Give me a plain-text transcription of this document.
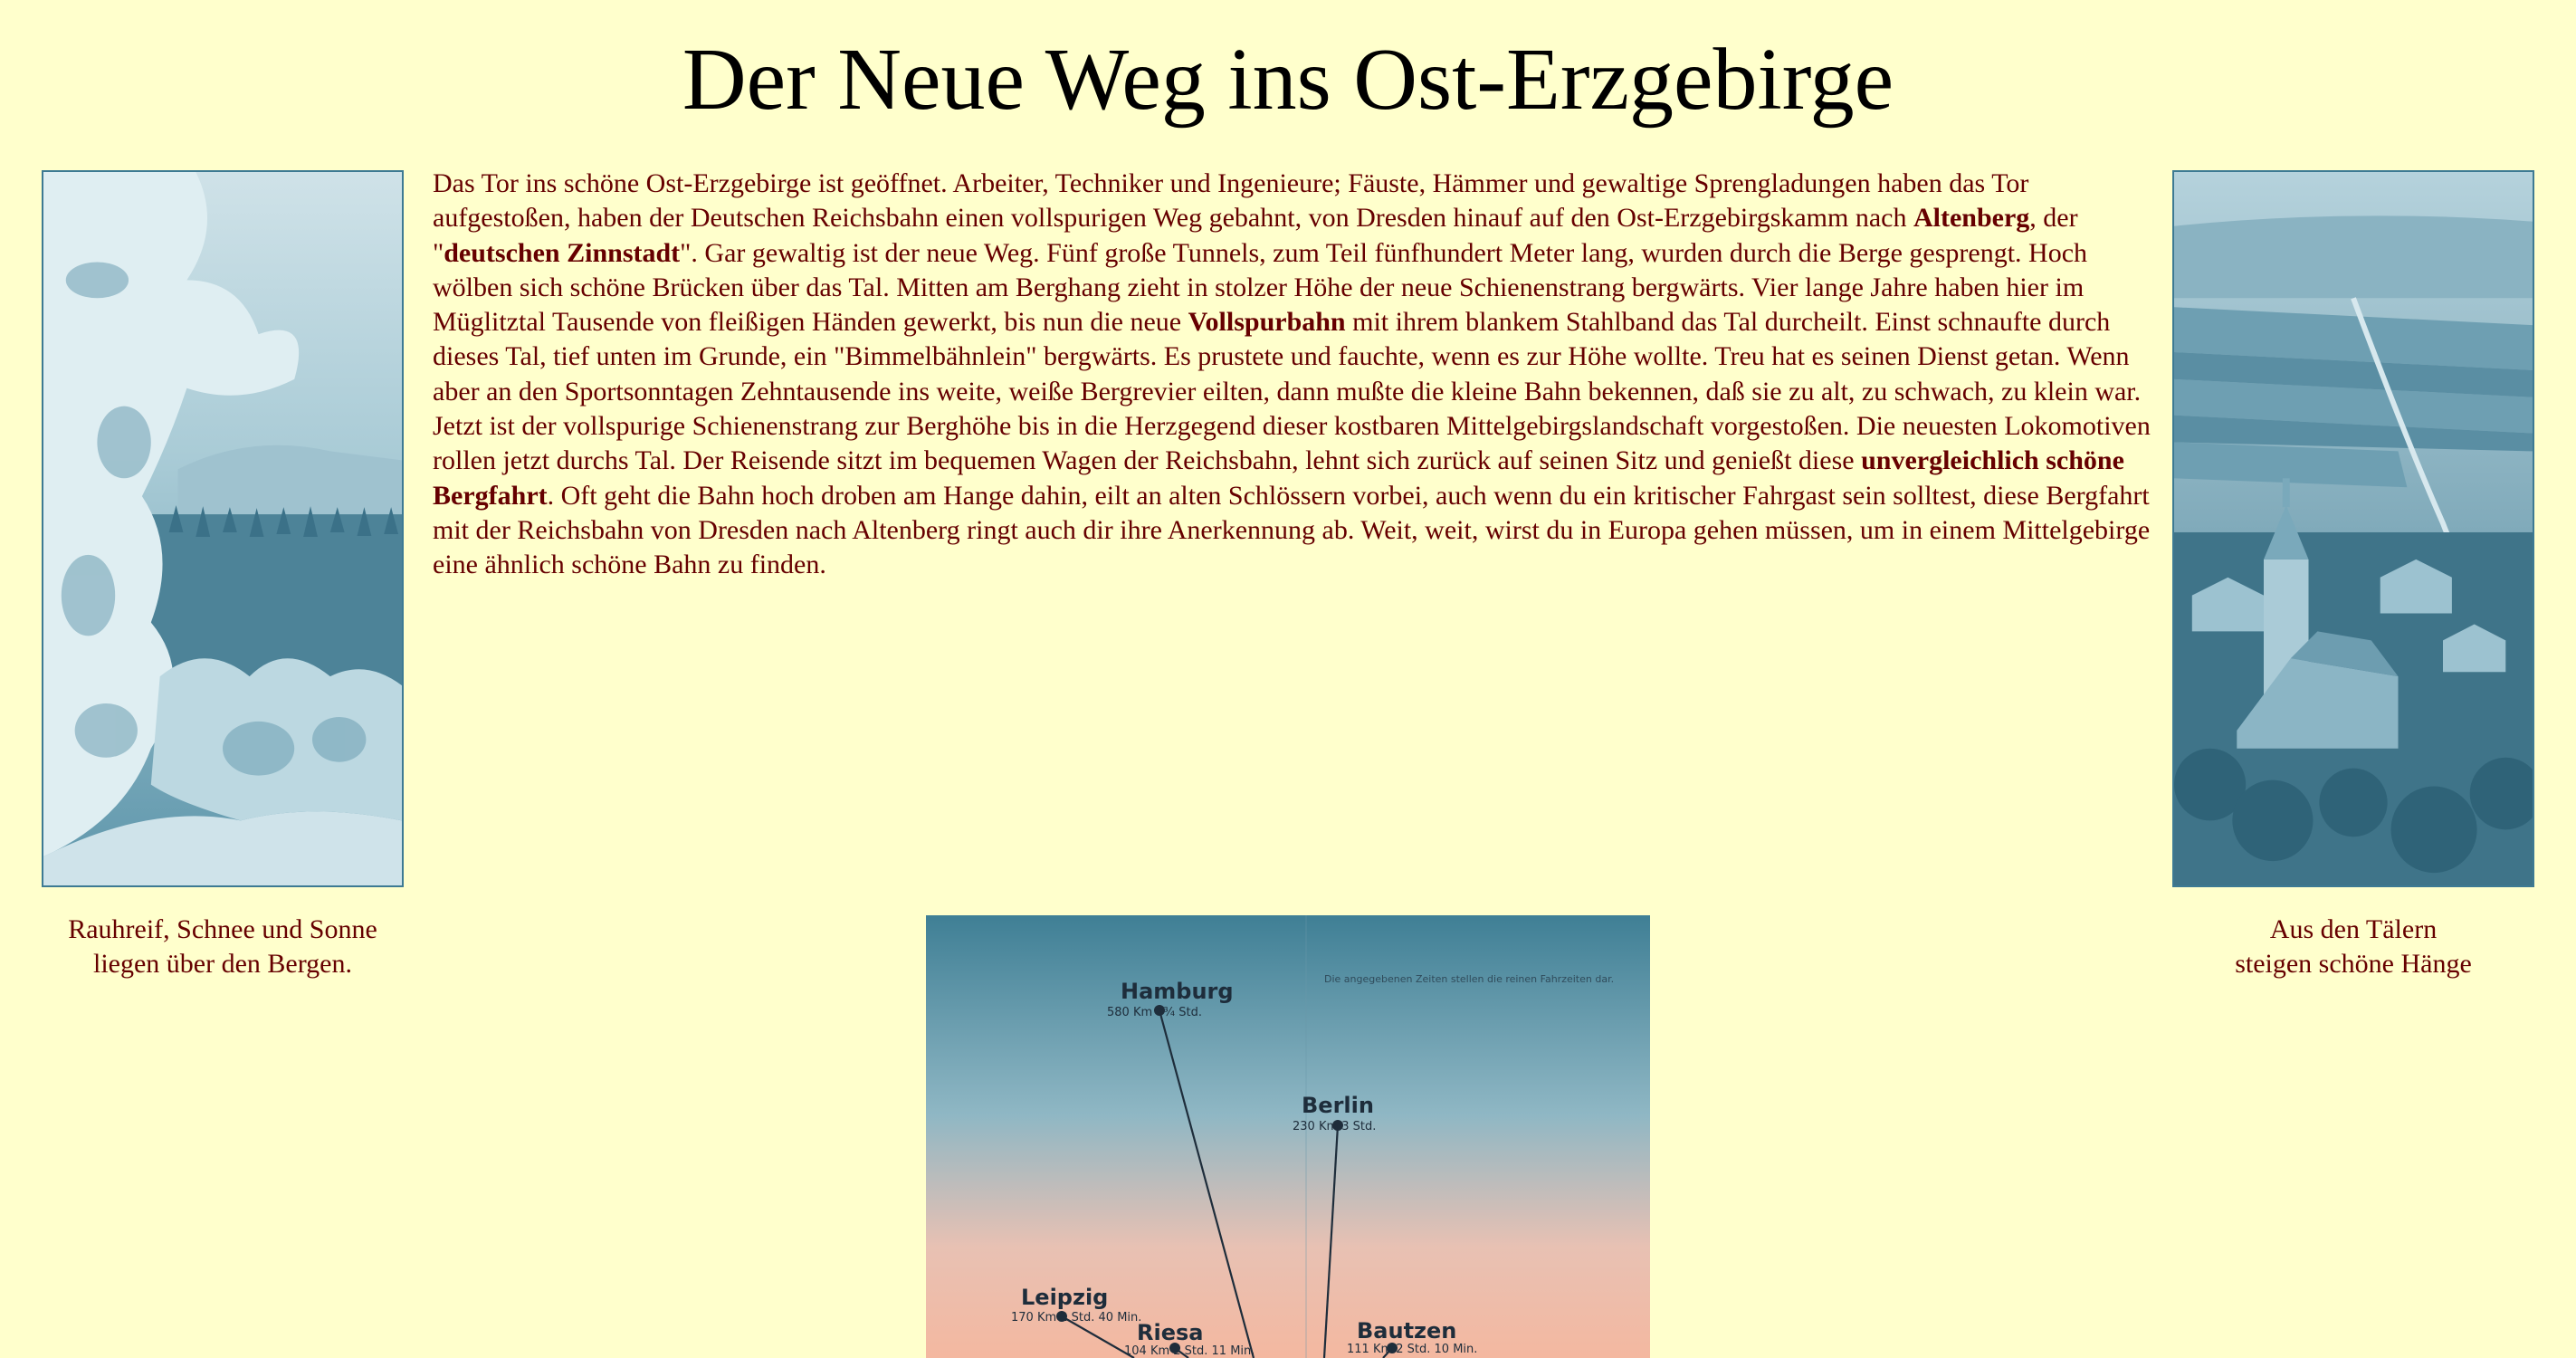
Der Neue Weg ins Ost-Erzgebirge

Das Tor ins schöne Ost-Erzgebirge ist geöffnet. Arbeiter, Techniker und Ingenieure; Fäuste, Hämmer und gewaltige Sprengladungen haben das Tor aufgestoßen, haben der Deutschen Reichsbahn einen vollspurigen Weg gebahnt, von Dresden hinauf auf den Ost-Erzgebirgskamm nach Altenberg, der "deutschen Zinnstadt". Gar gewaltig ist der neue Weg. Fünf große Tunnels, zum Teil fünfhundert Meter lang, wurden durch die Berge gesprengt. Hoch wölben sich schöne Brücken über das Tal. Mitten am Berghang zieht in stolzer Höhe der neue Schienenstrang bergwärts. Vier lange Jahre haben hier im Müglitztal Tausende von fleißigen Händen gewerkt, bis nun die neue Vollspurbahn mit ihrem blankem Stahlband das Tal durcheilt. Einst schnaufte durch dieses Tal, tief unten im Grunde, ein "Bimmelbähnlein" bergwärts. Es prustete und fauchte, wenn es zur Höhe wollte. Treu hat es seinen Dienst getan. Wenn aber an den Sportsonntagen Zehntausende ins weite, weiße Bergrevier eilten, dann mußte die kleine Bahn bekennen, daß sie zu alt, zu schwach, zu klein war. Jetzt ist der vollspurige Schienenstrang zur Berghöhe bis in die Herzgegend dieser kostbaren Mittelgebirgslandschaft vorgestoßen. Die neuesten Lokomotiven rollen jetzt durchs Tal. Der Reisende sitzt im bequemen Wagen der Reichsbahn, lehnt sich zurück auf seinen Sitz und genießt diese unvergleichlich schöne Bergfahrt. Oft geht die Bahn hoch droben am Hange dahin, eilt an alten Schlössern vorbei, auch wenn du ein kritischer Fahrgast sein solltest, diese Bergfahrt mit der Reichsbahn von Dresden nach Altenberg ringt auch dir ihre Anerkennung ab. Weit, weit, wirst du in Europa gehen müssen, um in einem Mittelgebirge eine ähnlich schöne Bahn zu finden.

Rauhreif, Schnee und Sonne
liegen über den Bergen.
Aus den Tälern
steigen schöne Hänge
Die angegebenen Zeiten stellen die reinen Fahrzeiten dar.
Hamburg
580 Km 7¾ Std.
Berlin
230 Km 3 Std.
Leipzig
170 Km 2 Std. 40 Min.
Riesa
104 Km 2 Std. 11 Min.
Bautzen
111 Km 2 Std. 10 Min.
